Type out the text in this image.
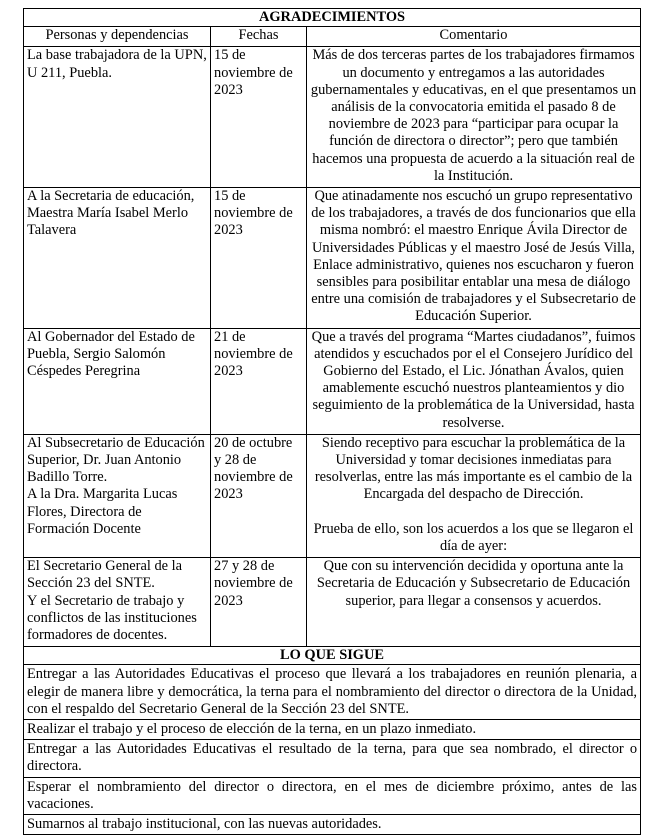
AGRADECIMIENTOS		
Personas y dependencias	Fechas	Comentario

La base trabajadora de la UPN, U 211, Puebla.	15 de noviembre de 2023	Más de dos terceras partes de los trabajadores firmamos un documento y entregamos a las autoridades gubernamentales y educativas, en el que presentamos un análisis de la convocatoria emitida el pasado 8 de noviembre de 2023 para “participar para ocupar la función de directora o director”; pero que también hacemos una propuesta de acuerdo a la situación real de la Institución.

A la Secretaria de educación, Maestra María Isabel Merlo Talavera	15 de noviembre de 2023	Que atinadamente nos escuchó un grupo representativo de los trabajadores, a través de dos funcionarios que ella misma nombró: el maestro Enrique Ávila Director de Universidades Públicas y el maestro José de Jesús Villa, Enlace administrativo, quienes nos escucharon y fueron sensibles para posibilitar entablar una mesa de diálogo entre una comisión de trabajadores y el Subsecretario de Educación Superior.

Al Gobernador del Estado de Puebla, Sergio Salomón Céspedes Peregrina	21 de noviembre de 2023	Que a través del programa “Martes ciudadanos”, fuimos atendidos y escuchados por el el Consejero Jurídico del Gobierno del Estado, el Lic. Jónathan Ávalos, quien amablemente escuchó nuestros planteamientos y dio seguimiento de la problemática de la Universidad, hasta resolverse.

Al Subsecretario de Educación Superior, Dr. Juan Antonio Badillo Torre.
A la Dra. Margarita Lucas Flores, Directora de Formación Docente	20 de octubre y 28 de noviembre de 2023	Siendo receptivo para escuchar la problemática de la Universidad y tomar decisiones inmediatas para resolverlas, entre las más importante es el cambio de la Encargada del despacho de Dirección.
Prueba de ello, son los acuerdos a los que se llegaron el día de ayer:

El Secretario General de la Sección 23 del SNTE.
Y el Secretario de trabajo y conflictos de las instituciones formadores de docentes.	27 y 28 de noviembre de 2023	Que con su intervención decidida y oportuna ante la Secretaria de Educación y Subsecretario de Educación superior, para llegar a consensos y acuerdos.

LO QUE SIGUE		
Entregar a las Autoridades Educativas el proceso que llevará a los trabajadores en reunión plenaria, a elegir de manera libre y democrática, la terna para el nombramiento del director o directora de la Unidad, con el respaldo del Secretario General de la Sección 23 del SNTE.		
Realizar el trabajo y el proceso de elección de la terna, en un plazo inmediato.		
Entregar a las Autoridades Educativas el resultado de la terna, para que sea nombrado, el director o directora.		
Esperar el nombramiento del director o directora, en el mes de diciembre próximo, antes de las vacaciones.		
Sumarnos al trabajo institucional, con las nuevas autoridades.		
